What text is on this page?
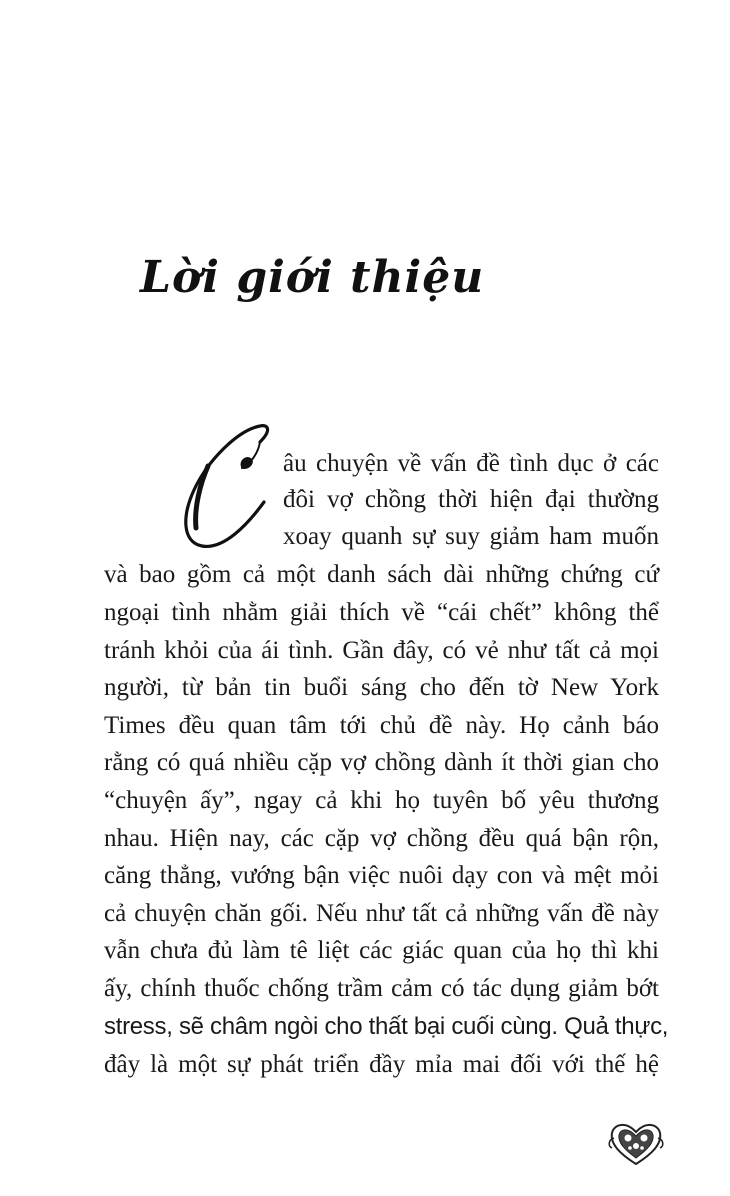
Lời giới thiệu
âu chuyện về vấn đề tình dục ở các
đôi vợ chồng thời hiện đại thường
xoay quanh sự suy giảm ham muốn
và bao gồm cả một danh sách dài những chứng cứ
ngoại tình nhằm giải thích về “cái chết” không thể
tránh khỏi của ái tình. Gần đây, có vẻ như tất cả mọi
người, từ bản tin buổi sáng cho đến tờ New York
Times đều quan tâm tới chủ đề này. Họ cảnh báo
rằng có quá nhiều cặp vợ chồng dành ít thời gian cho
“chuyện ấy”, ngay cả khi họ tuyên bố yêu thương
nhau. Hiện nay, các cặp vợ chồng đều quá bận rộn,
căng thẳng, vướng bận việc nuôi dạy con và mệt mỏi
cả chuyện chăn gối. Nếu như tất cả những vấn đề này
vẫn chưa đủ làm tê liệt các giác quan của họ thì khi
ấy, chính thuốc chống trầm cảm có tác dụng giảm bớt
stress, sẽ châm ngòi cho thất bại cuối cùng. Quả thực,
đây là một sự phát triển đầy mỉa mai đối với thế hệ
